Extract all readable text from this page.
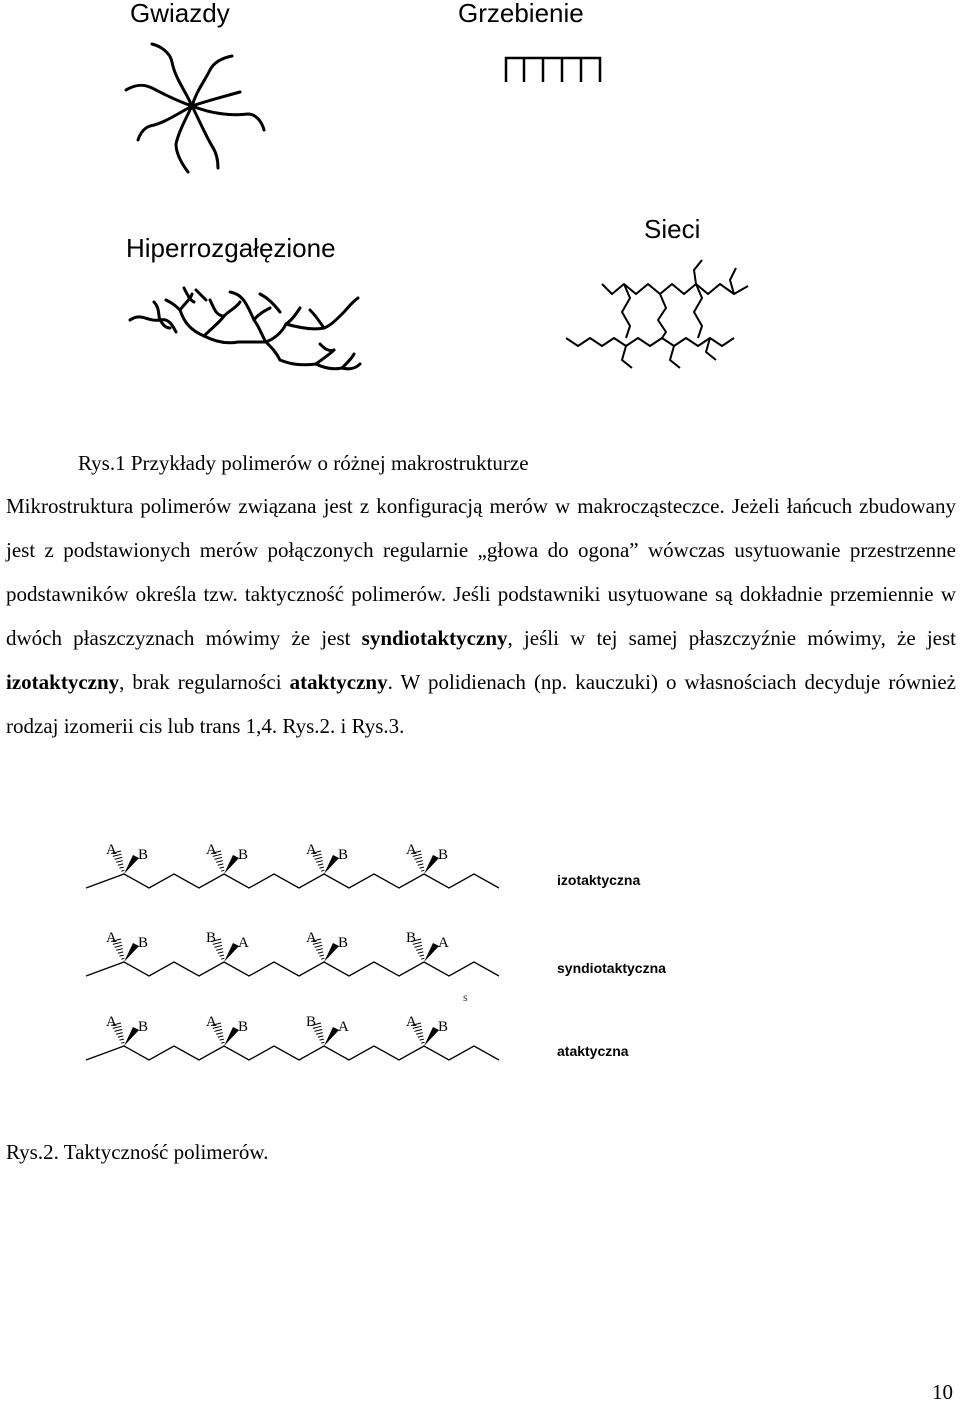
Gwiazdy	Grzebienie
Hiperrozgałęzione
Sieci
Rys.1 Przykłady polimerów o różnej makrostrukturze

Mikrostruktura polimerów związana jest z konfiguracją merów w makrocząsteczce. Jeżeli łańcuch zbudowany jest z podstawionych merów połączonych regularnie „głowa do ogona” wówczas usytuowanie przestrzenne podstawników określa tzw. taktyczność polimerów. Jeśli podstawniki usytuowane są dokładnie przemiennie w dwóch płaszczyznach mówimy że jest syndiotaktyczny, jeśli w tej samej płaszczyźnie mówimy, że jest izotaktyczny, brak regularności ataktyczny. W polidienach (np. kauczuki) o własnościach decyduje również rodzaj izomerii cis lub trans 1,4. Rys.2. i Rys.3.

A B	A B	A B	A B
A B	B A	A B	B A
A B	A B	B A	A B
izotaktyczna
syndiotaktyczna
ataktyczna
s
Rys.2. Taktyczność polimerów.
10
